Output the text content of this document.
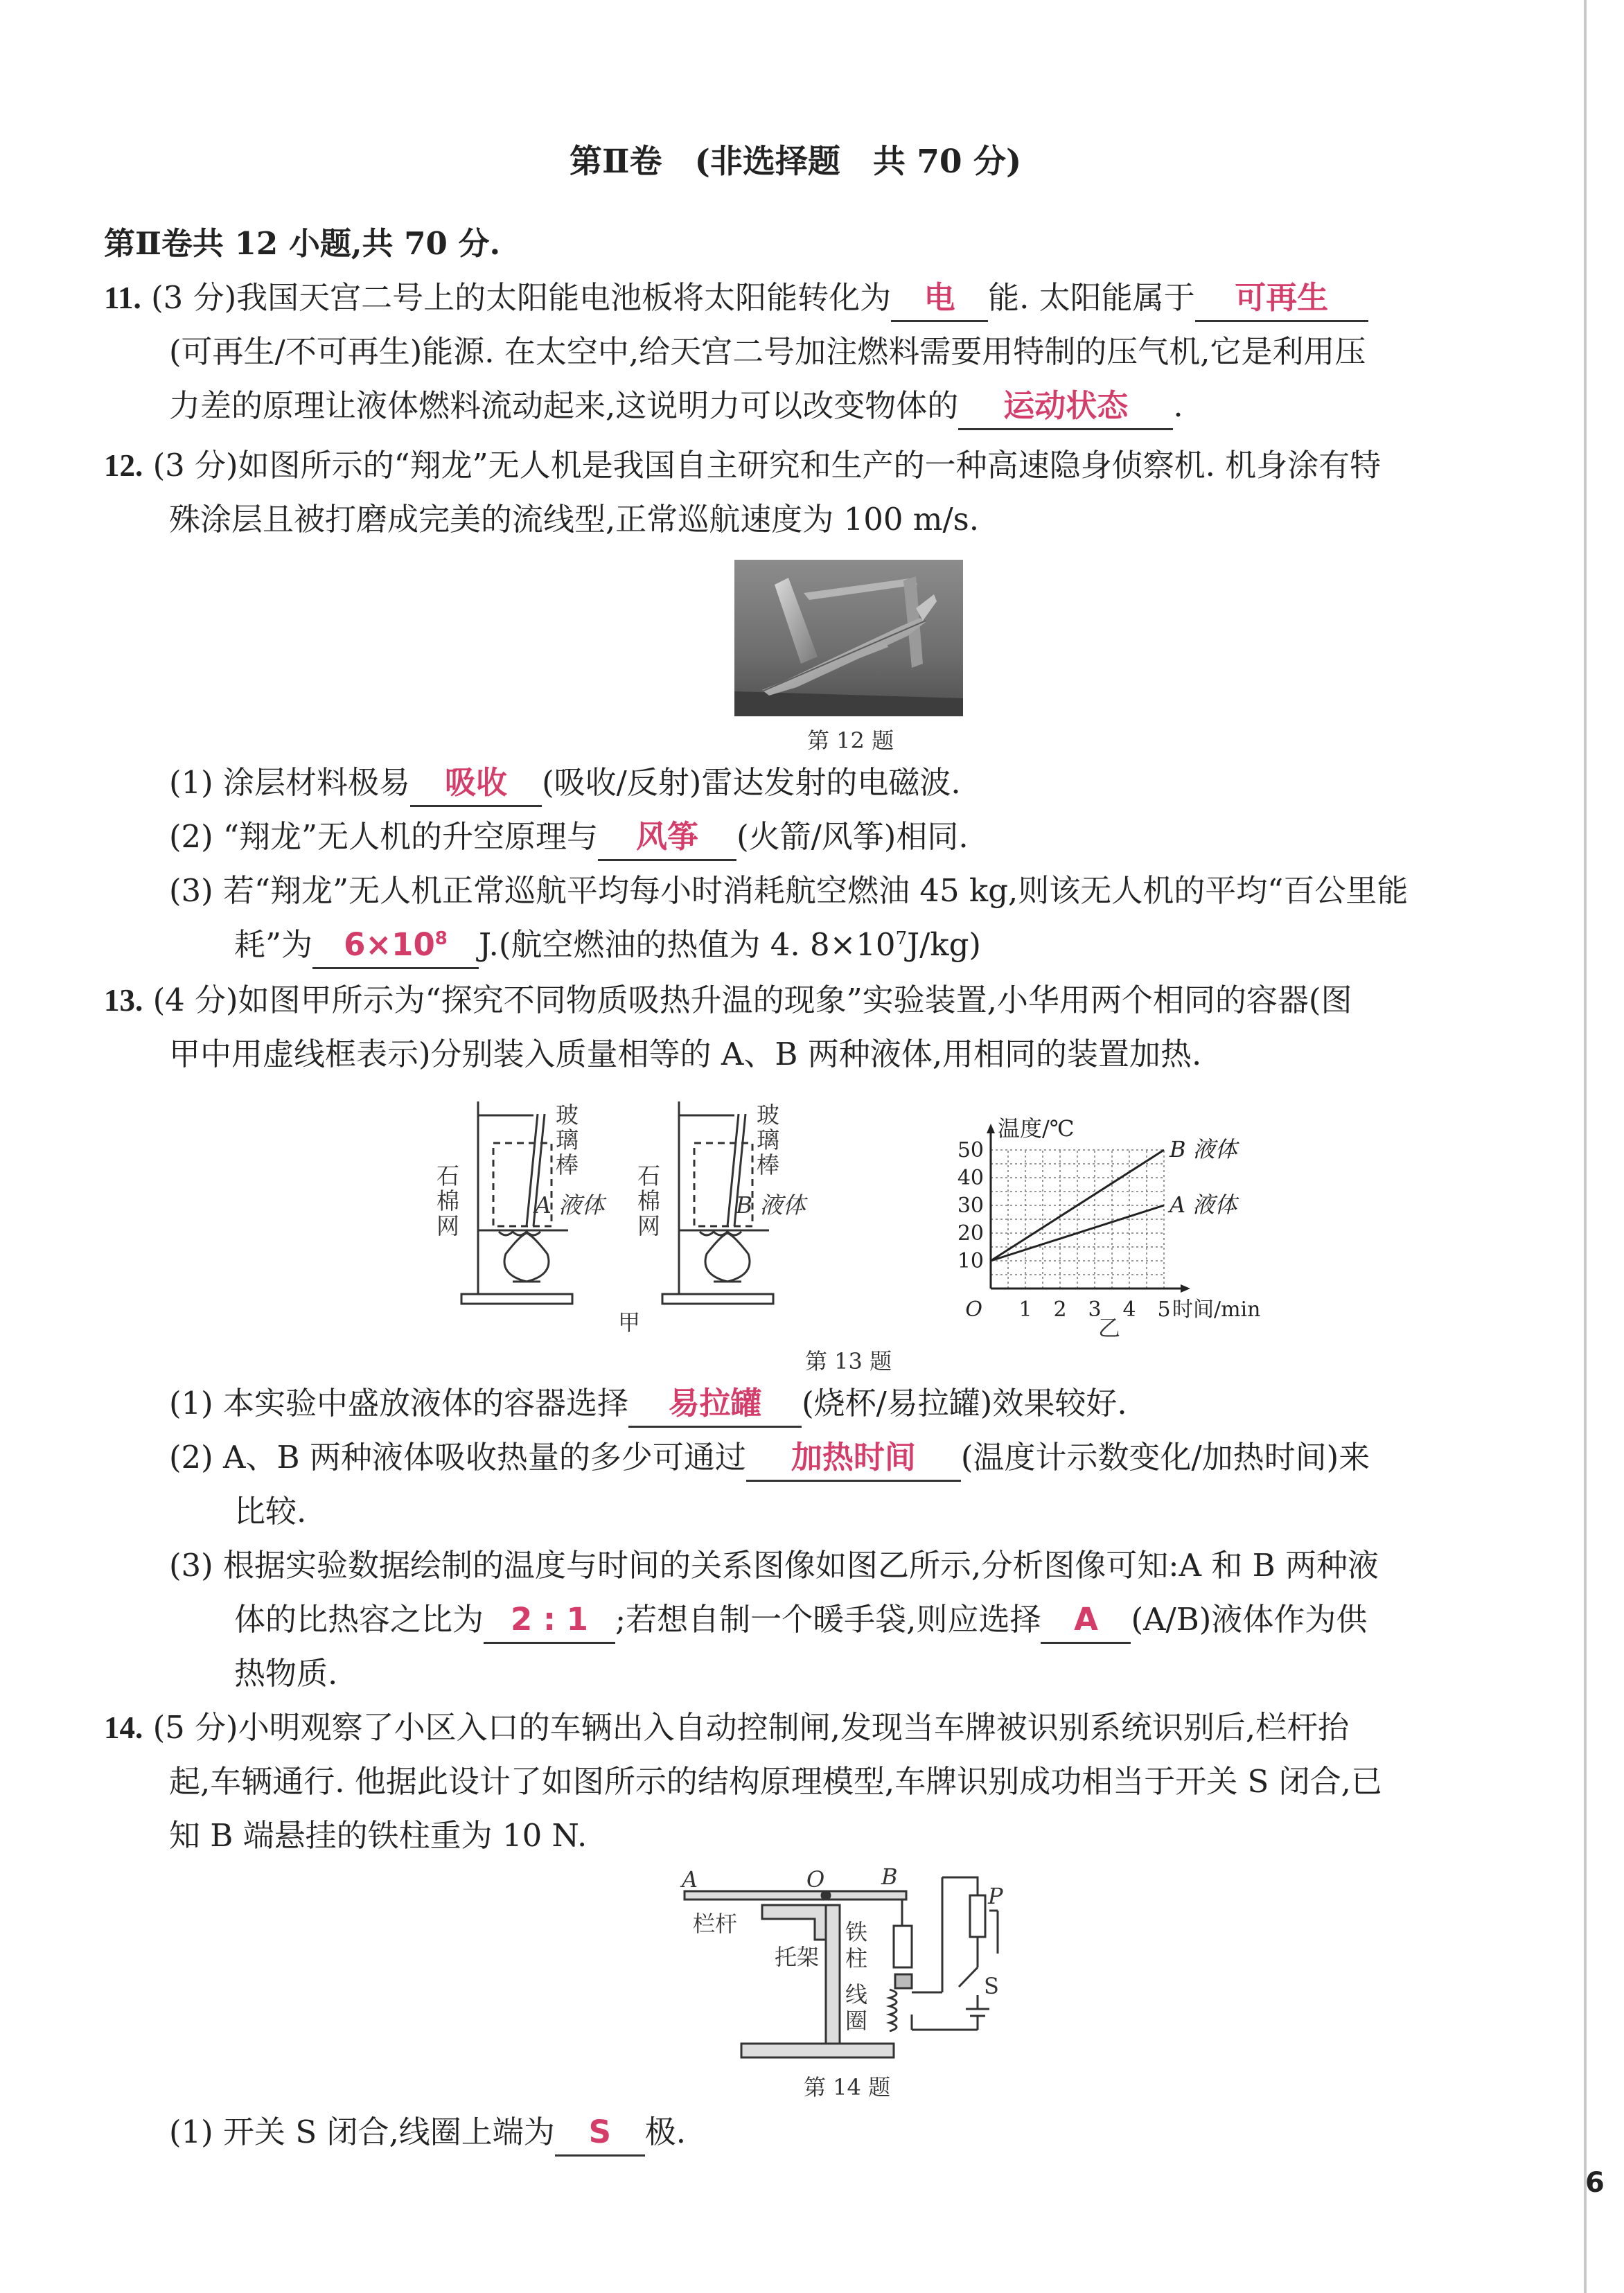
第Ⅱ卷　(非选择题　共 70 分)
第Ⅱ卷共 12 小题,共 70 分.
11. (3 分)我国天宫二号上的太阳能电池板将太阳能转化为 电 能. 太阳能属于 可再生
(可再生/不可再生)能源. 在太空中,给天宫二号加注燃料需要用特制的压气机,它是利用压
力差的原理让液体燃料流动起来,这说明力可以改变物体的 运动状态 .
12. (3 分)如图所示的“翔龙”无人机是我国自主研究和生产的一种高速隐身侦察机. 机身涂有特
殊涂层且被打磨成完美的流线型,正常巡航速度为 100 m/s.
第 12 题
(1) 涂层材料极易 吸收 (吸收/反射)雷达发射的电磁波.
(2) “翔龙”无人机的升空原理与 风筝 (火箭/风筝)相同.
(3) 若“翔龙”无人机正常巡航平均每小时消耗航空燃油 45 kg,则该无人机的平均“百公里能
耗”为 $6\times 10^8$ J.(航空燃油的热值为 4. $8\times 10^7J/kg$)
13. (4 分)如图甲所示为“探究不同物质吸热升温的现象”实验装置,小华用两个相同的容器(图
甲中用虚线框表示)分别装入质量相等的 A、B 两种液体,用相同的装置加热.
玻
璃
棒
石
棉
网
A 液体
玻
璃
棒
石
棉
网
B 液体
甲	1 2 3 4 5
10
20
30
40
50
O	时间/min
温度/℃
B 液体
A 液体
乙
第 13 题
(1) 本实验中盛放液体的容器选择 易拉罐 (烧杯/易拉罐)效果较好.
(2) A、B 两种液体吸收热量的多少可通过 加热时间 (温度计示数变化/加热时间)来
比较.
(3) 根据实验数据绘制的温度与时间的关系图像如图乙所示,分析图像可知:A 和 B 两种液
体的比热容之比为 2 : 1 ;若想自制一个暖手袋,则应选择 A (A/B)液体作为供
热物质.
14. (5 分)小明观察了小区入口的车辆出入自动控制闸,发现当车牌被识别系统识别后,栏杆抬
起,车辆通行. 他据此设计了如图所示的结构原理模型,车牌识别成功相当于开关 S 闭合,已
知 B 端悬挂的铁柱重为 10 N.
A	O	B
P
S
栏杆
托架
铁
柱
线
圈
第 14 题
(1) 开关 S 闭合,线圈上端为 S 极.
6
